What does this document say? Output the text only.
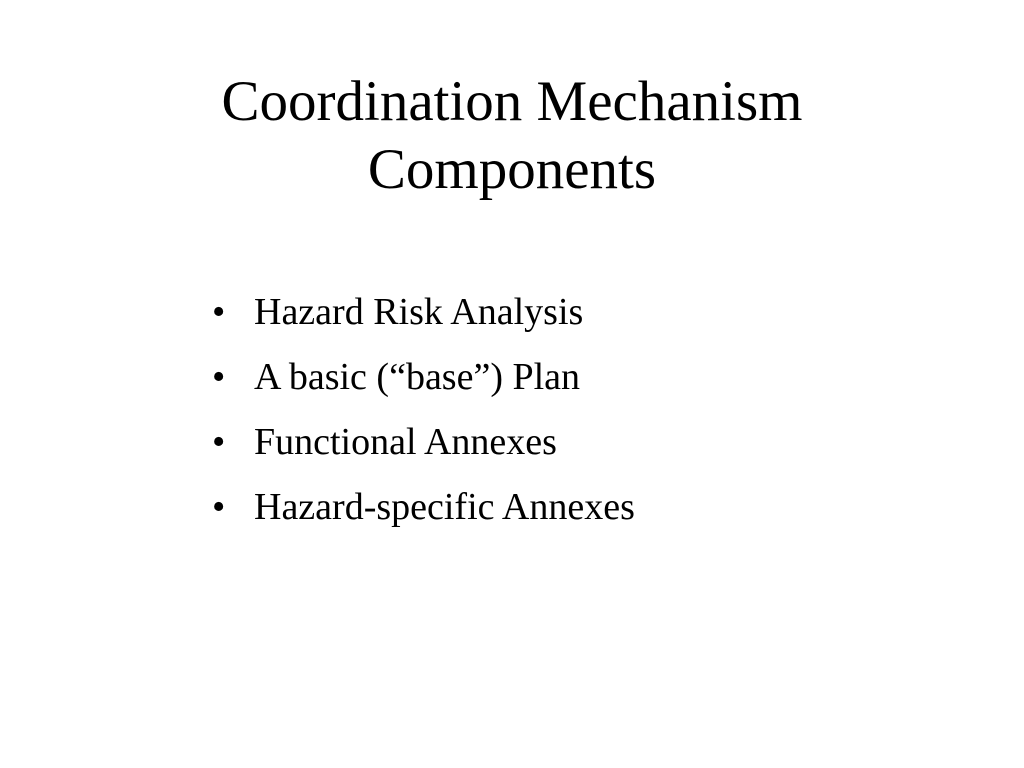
Coordination Mechanism
Components
• Hazard Risk Analysis
• A basic (“base”) Plan
• Functional Annexes
• Hazard-specific Annexes
